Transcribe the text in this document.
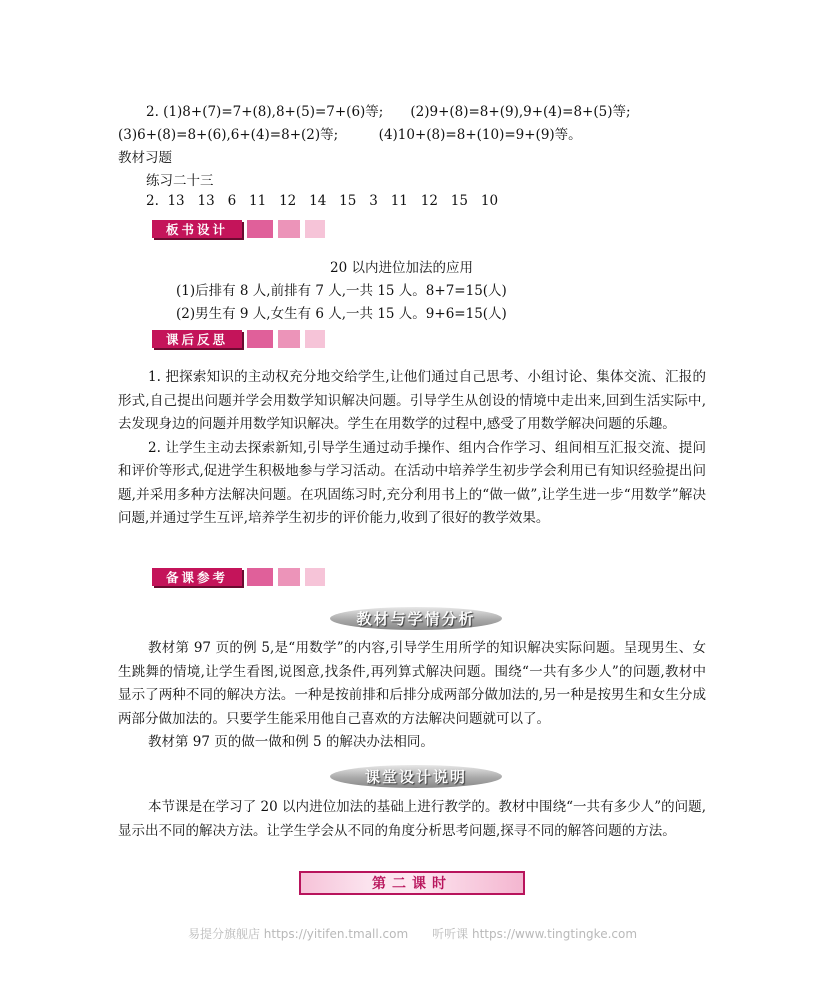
2. (1)8+(7)=7+(8),8+(5)=7+(6)等;　　(2)9+(8)=8+(9),9+(4)=8+(5)等;
(3)6+(8)=8+(6),6+(4)=8+(2)等;　　　(4)10+(8)=8+(10)=9+(9)等。
教材习题
练习二十三
2.  13   13   6   11   12   14   15   3   11   12   15   10
板书设计
20 以内进位加法的应用
(1)后排有 8 人,前排有 7 人,一共 15 人。8+7=15(人)
(2)男生有 9 人,女生有 6 人,一共 15 人。9+6=15(人)
课后反思

1. 把探索知识的主动权充分地交给学生,让他们通过自己思考、小组讨论、集体交流、汇报的形式,自己提出问题并学会用数学知识解决问题。引导学生从创设的情境中走出来,回到生活实际中,去发现身边的问题并用数学知识解决。学生在用数学的过程中,感受了用数学解决问题的乐趣。

2. 让学生主动去探索新知,引导学生通过动手操作、组内合作学习、组间相互汇报交流、提问和评价等形式,促进学生积极地参与学习活动。在活动中培养学生初步学会利用已有知识经验提出问题,并采用多种方法解决问题。在巩固练习时,充分利用书上的“做一做”,让学生进一步“用数学”解决问题,并通过学生互评,培养学生初步的评价能力,收到了很好的教学效果。

备课参考
教材与学情分析

教材第 97 页的例 5,是“用数学”的内容,引导学生用所学的知识解决实际问题。呈现男生、女生跳舞的情境,让学生看图,说图意,找条件,再列算式解决问题。围绕“一共有多少人”的问题,教材中显示了两种不同的解决方法。一种是按前排和后排分成两部分做加法的,另一种是按男生和女生分成两部分做加法的。只要学生能采用他自己喜欢的方法解决问题就可以了。

教材第 97 页的做一做和例 5 的解决办法相同。

课堂设计说明

本节课是在学习了 20 以内进位加法的基础上进行教学的。教材中围绕“一共有多少人”的问题,显示出不同的解决方法。让学生学会从不同的角度分析思考问题,探寻不同的解答问题的方法。

第二课时
易提分旗舰店 https://yitifen.tmall.com　　听听课 https://www.tingtingke.com
